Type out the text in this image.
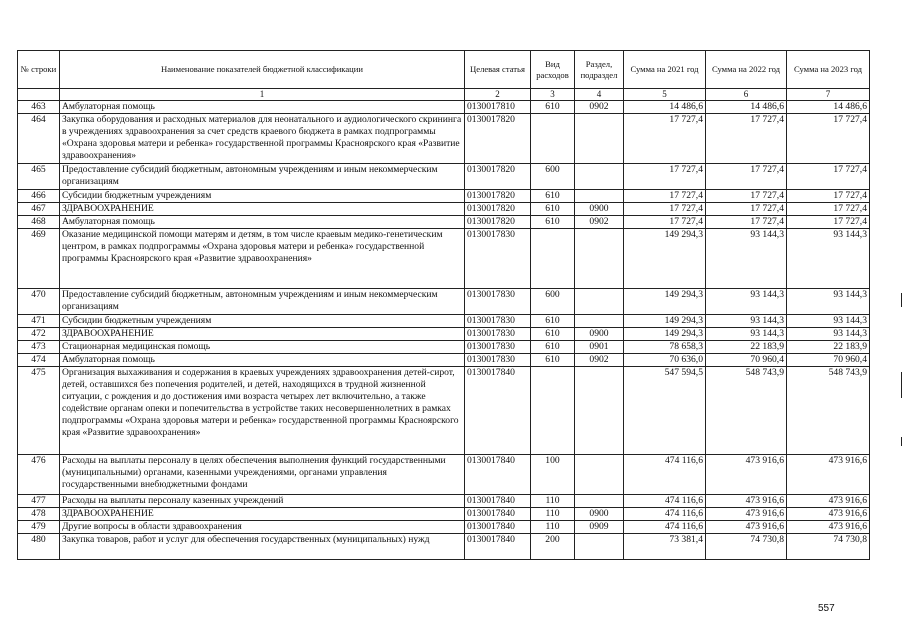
№ строки	Наименование показателей бюджетной классификации	Целевая статья	Вид расходов	Раздел, подраздел	Сумма на 2021 год	Сумма на 2022 год	Сумма на 2023 год
	1	2	3	4	5	6	7
463	Амбулаторная помощь	0130017810	610	0902	14 486,6	14 486,6	14 486,6
464	Закупка оборудования и расходных материалов для неонатального и аудиологического скрининга в учреждениях здравоохранения за счет средств краевого бюджета в рамках подпрограммы «Охрана здоровья матери и ребенка» государственной программы Красноярского края «Развитие здравоохранения»	0130017820			17 727,4	17 727,4	17 727,4
465	Предоставление субсидий бюджетным, автономным учреждениям и иным некоммерческим организациям	0130017820	600		17 727,4	17 727,4	17 727,4
466	Субсидии бюджетным учреждениям	0130017820	610		17 727,4	17 727,4	17 727,4
467	ЗДРАВООХРАНЕНИЕ	0130017820	610	0900	17 727,4	17 727,4	17 727,4
468	Амбулаторная помощь	0130017820	610	0902	17 727,4	17 727,4	17 727,4
469	Оказание медицинской помощи матерям и детям, в том числе краевым медико-генетическим центром, в рамках подпрограммы «Охрана здоровья матери и ребенка» государственной программы Красноярского края «Развитие здравоохранения»	0130017830			149 294,3	93 144,3	93 144,3
470	Предоставление субсидий бюджетным, автономным учреждениям и иным некоммерческим организациям	0130017830	600		149 294,3	93 144,3	93 144,3
471	Субсидии бюджетным учреждениям	0130017830	610		149 294,3	93 144,3	93 144,3
472	ЗДРАВООХРАНЕНИЕ	0130017830	610	0900	149 294,3	93 144,3	93 144,3
473	Стационарная медицинская помощь	0130017830	610	0901	78 658,3	22 183,9	22 183,9
474	Амбулаторная помощь	0130017830	610	0902	70 636,0	70 960,4	70 960,4
475	Организация выхаживания и содержания в краевых учреждениях здравоохранения детей-сирот, детей, оставшихся без попечения родителей, и детей, находящихся в трудной жизненной ситуации, с рождения и до достижения ими возраста четырех лет включительно, а также содействие органам опеки и попечительства в устройстве таких несовершеннолетних в рамках подпрограммы «Охрана здоровья матери и ребенка» государственной программы Красноярского края «Развитие здравоохранения»	0130017840			547 594,5	548 743,9	548 743,9
476	Расходы на выплаты персоналу в целях обеспечения выполнения функций государственными (муниципальными) органами, казенными учреждениями, органами управления государственными внебюджетными фондами	0130017840	100		474 116,6	473 916,6	473 916,6
477	Расходы на выплаты персоналу казенных учреждений	0130017840	110		474 116,6	473 916,6	473 916,6
478	ЗДРАВООХРАНЕНИЕ	0130017840	110	0900	474 116,6	473 916,6	473 916,6
479	Другие вопросы в области здравоохранения	0130017840	110	0909	474 116,6	473 916,6	473 916,6
480	Закупка товаров, работ и услуг для обеспечения государственных (муниципальных) нужд	0130017840	200		73 381,4	74 730,8	74 730,8
557
